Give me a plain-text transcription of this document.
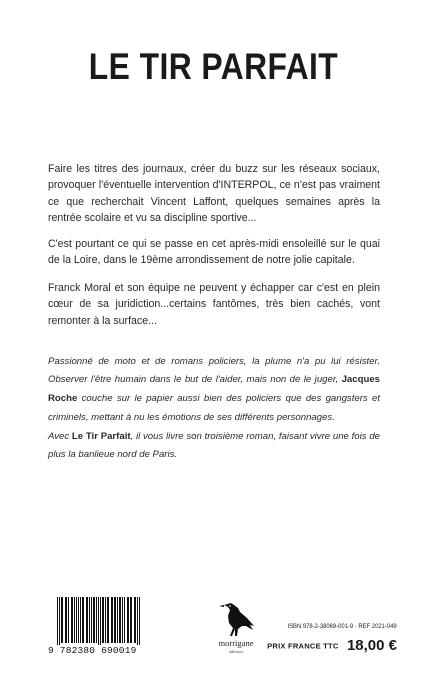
LE TIR PARFAIT

Faire les titres des journaux, créer du buzz sur les réseaux sociaux, provoquer l'éventuelle intervention d'INTERPOL, ce n'est pas vraiment ce que recherchait Vincent Laffont, quelques semaines après la rentrée scolaire et vu sa discipline sportive...

C'est pourtant ce qui se passe en cet après-midi ensoleillé sur le quai de la Loire, dans le 19ème arrondissement de notre jolie capitale.

Franck Moral et son équipe ne peuvent y échapper car c'est en plein cœur de sa juridiction...certains fantômes, très bien cachés, vont remonter à la surface...

Passionné de moto et de romans policiers, la plume n'a pu lui résister. Observer l'être humain dans le but de l'aider, mais non de le juger, Jacques Roche couche sur le papier aussi bien des policiers que des gangsters et criminels, mettant à nu les émotions de ses différents personnages.

Avec Le Tir Parfait, il vous livre son troisième roman, faisant vivre une fois de plus la banlieue nord de Paris.

9 782380 690019
morrigane
éditions
ISBN 978-2-38069-001-9 · REF 2021-049
PRIX FRANCE TTC 18,00 €
